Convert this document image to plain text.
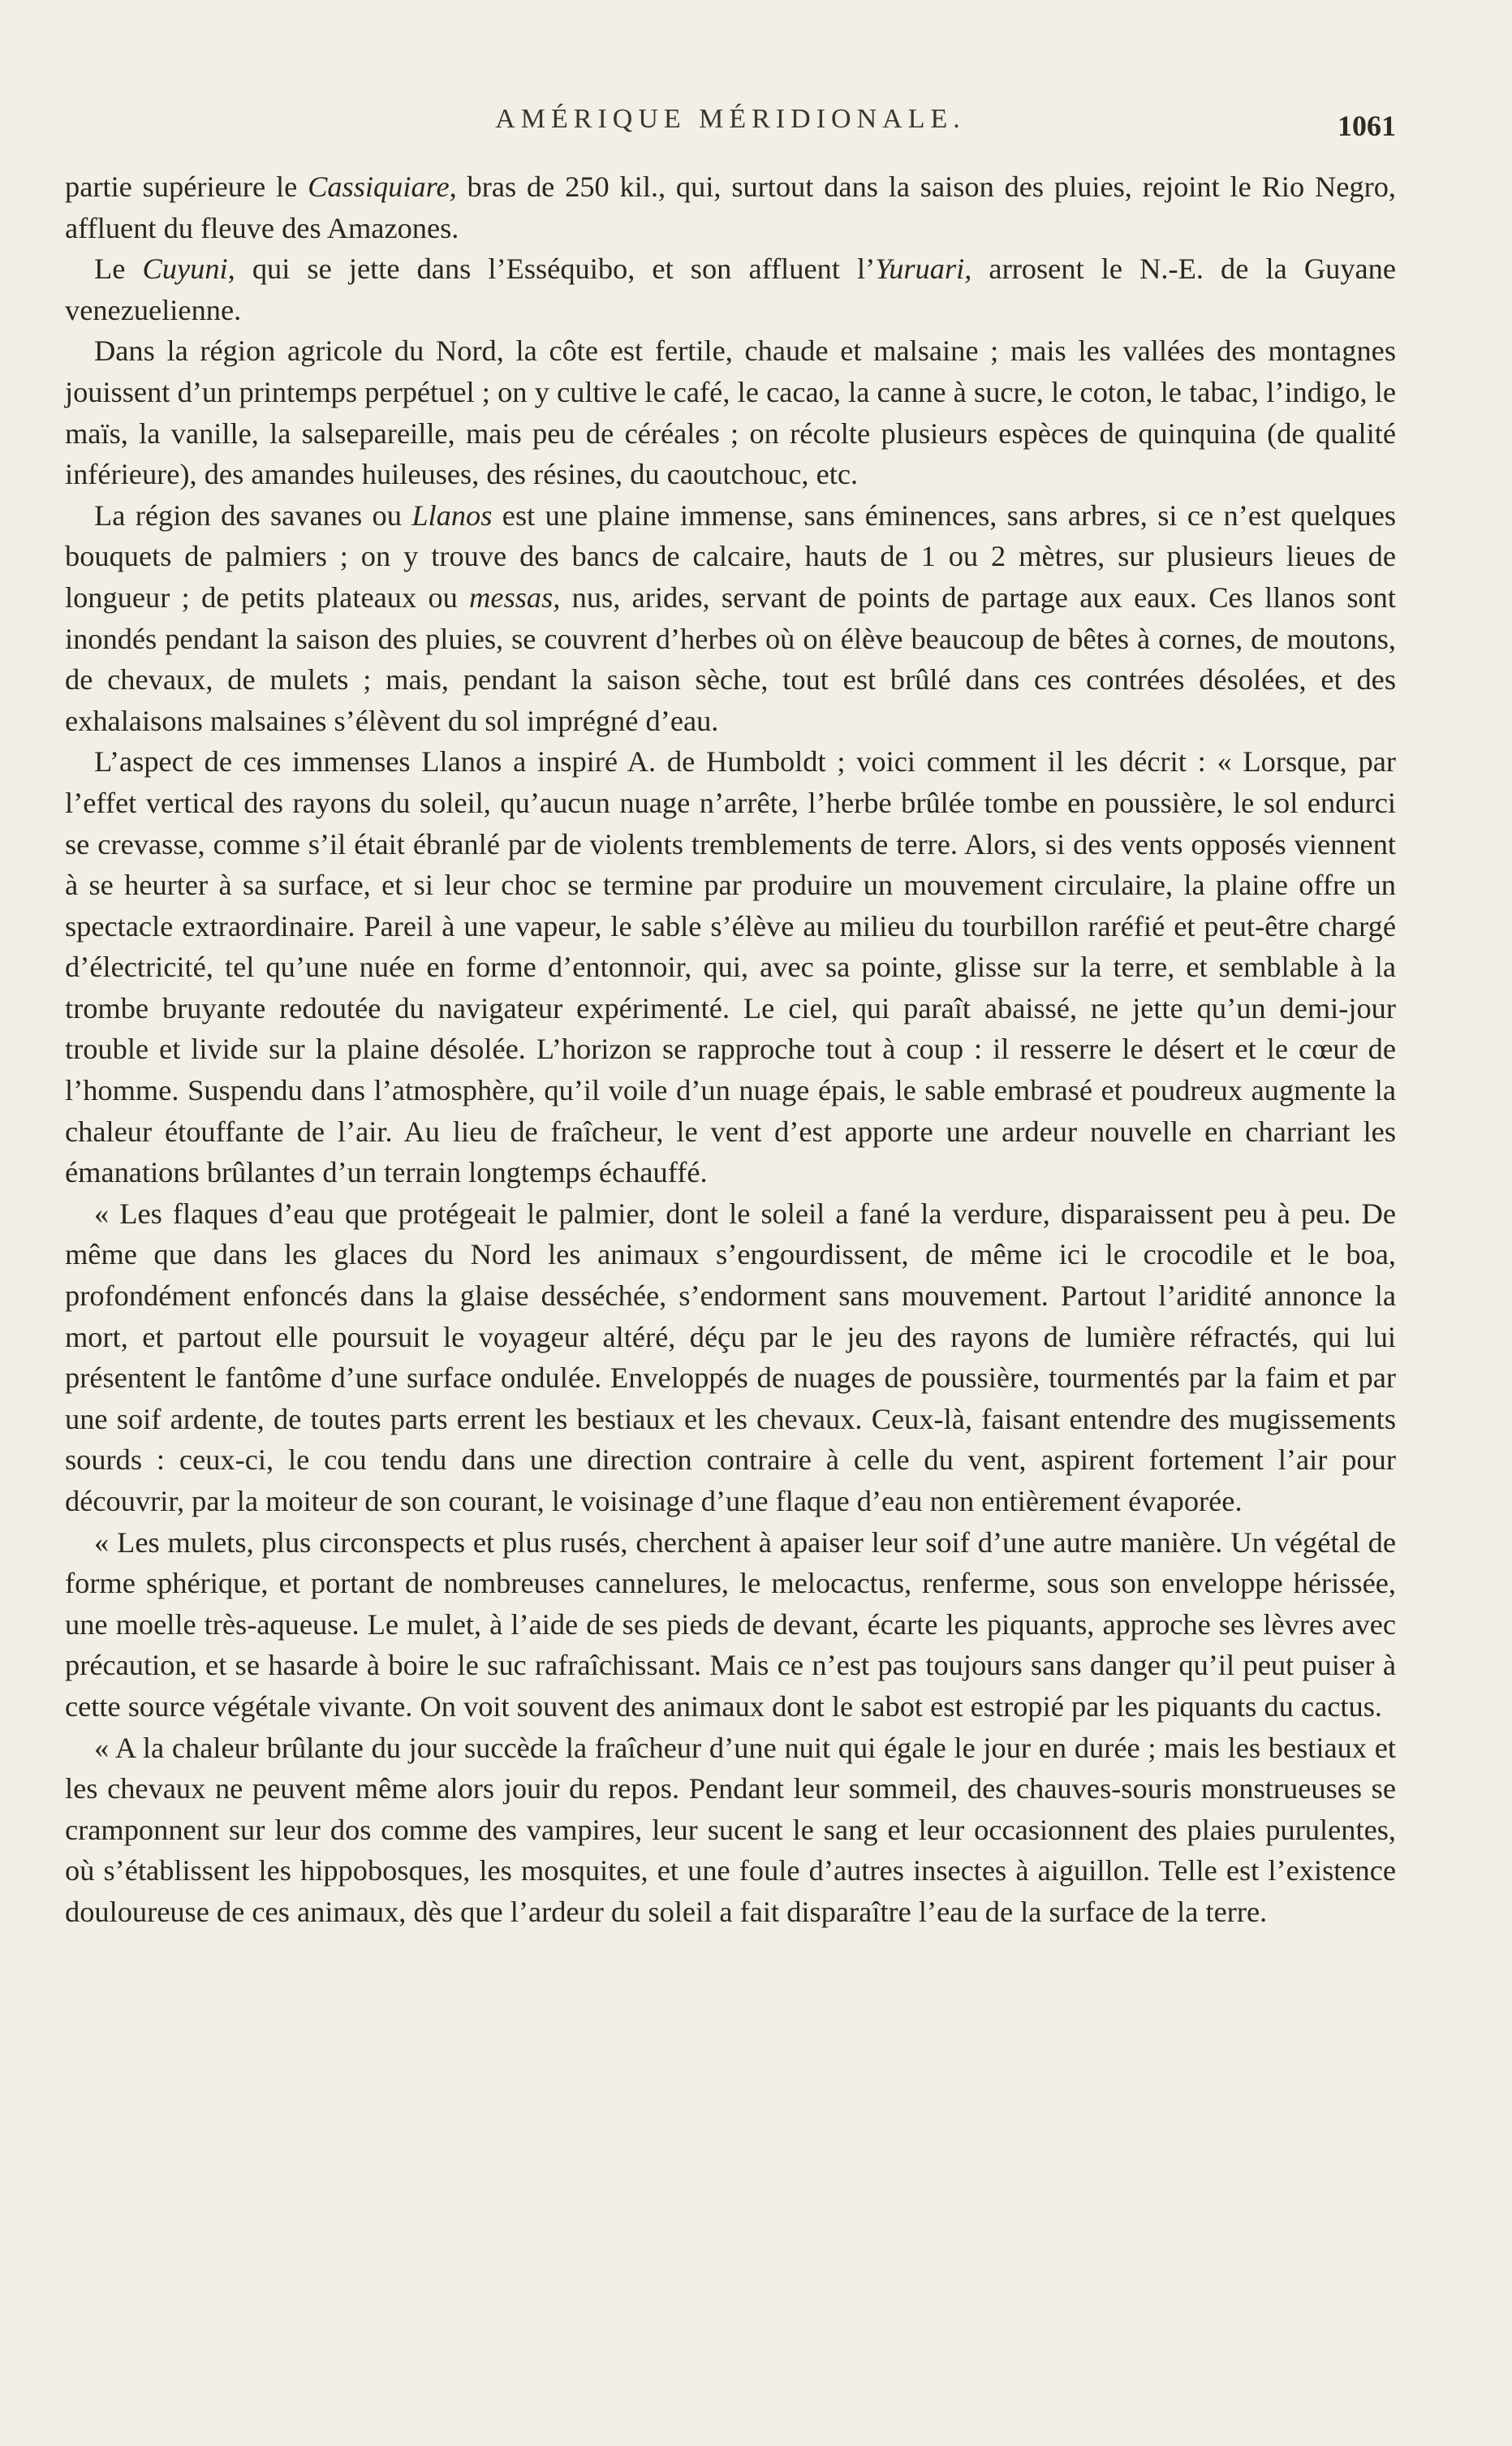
AMÉRIQUE MÉRIDIONALE.	1061

partie supérieure le Cassiquiare, bras de 250 kil., qui, surtout dans la saison des pluies, rejoint le Rio Negro, affluent du fleuve des Amazones.

Le Cuyuni, qui se jette dans l’Esséquibo, et son affluent l’Yuruari, arrosent le N.-E. de la Guyane venezuelienne.

Dans la région agricole du Nord, la côte est fertile, chaude et malsaine ; mais les vallées des montagnes jouissent d’un printemps perpétuel ; on y cultive le café, le cacao, la canne à sucre, le coton, le tabac, l’indigo, le maïs, la vanille, la salsepareille, mais peu de céréales ; on récolte plusieurs espèces de quinquina (de qualité inférieure), des amandes huileuses, des résines, du caoutchouc, etc.

La région des savanes ou Llanos est une plaine immense, sans éminences, sans arbres, si ce n’est quelques bouquets de palmiers ; on y trouve des bancs de calcaire, hauts de 1 ou 2 mètres, sur plusieurs lieues de longueur ; de petits plateaux ou messas, nus, arides, servant de points de partage aux eaux. Ces llanos sont inondés pendant la saison des pluies, se couvrent d’herbes où on élève beaucoup de bêtes à cornes, de moutons, de chevaux, de mulets ; mais, pendant la saison sèche, tout est brûlé dans ces contrées désolées, et des exhalaisons malsaines s’élèvent du sol imprégné d’eau.

L’aspect de ces immenses Llanos a inspiré A. de Humboldt ; voici comment il les décrit : « Lorsque, par l’effet vertical des rayons du soleil, qu’aucun nuage n’arrête, l’herbe brûlée tombe en poussière, le sol endurci se crevasse, comme s’il était ébranlé par de violents tremblements de terre. Alors, si des vents opposés viennent à se heurter à sa surface, et si leur choc se termine par produire un mouvement circulaire, la plaine offre un spectacle extraordinaire. Pareil à une vapeur, le sable s’élève au milieu du tourbillon raréfié et peut-être chargé d’électricité, tel qu’une nuée en forme d’entonnoir, qui, avec sa pointe, glisse sur la terre, et semblable à la trombe bruyante redoutée du navigateur expérimenté. Le ciel, qui paraît abaissé, ne jette qu’un demi-jour trouble et livide sur la plaine désolée. L’horizon se rapproche tout à coup : il resserre le désert et le cœur de l’homme. Suspendu dans l’atmosphère, qu’il voile d’un nuage épais, le sable embrasé et poudreux augmente la chaleur étouffante de l’air. Au lieu de fraîcheur, le vent d’est apporte une ardeur nouvelle en charriant les émanations brûlantes d’un terrain longtemps échauffé.

« Les flaques d’eau que protégeait le palmier, dont le soleil a fané la verdure, disparaissent peu à peu. De même que dans les glaces du Nord les animaux s’engourdissent, de même ici le crocodile et le boa, profondément enfoncés dans la glaise desséchée, s’endorment sans mouvement. Partout l’aridité annonce la mort, et partout elle poursuit le voyageur altéré, déçu par le jeu des rayons de lumière réfractés, qui lui présentent le fantôme d’une surface ondulée. Enveloppés de nuages de poussière, tourmentés par la faim et par une soif ardente, de toutes parts errent les bestiaux et les chevaux. Ceux-là, faisant entendre des mugissements sourds : ceux-ci, le cou tendu dans une direction contraire à celle du vent, aspirent fortement l’air pour découvrir, par la moiteur de son courant, le voisinage d’une flaque d’eau non entièrement évaporée.

« Les mulets, plus circonspects et plus rusés, cherchent à apaiser leur soif d’une autre manière. Un végétal de forme sphérique, et portant de nombreuses cannelures, le melocactus, renferme, sous son enveloppe hérissée, une moelle très-aqueuse. Le mulet, à l’aide de ses pieds de devant, écarte les piquants, approche ses lèvres avec précaution, et se hasarde à boire le suc rafraîchissant. Mais ce n’est pas toujours sans danger qu’il peut puiser à cette source végétale vivante. On voit souvent des animaux dont le sabot est estropié par les piquants du cactus.

« A la chaleur brûlante du jour succède la fraîcheur d’une nuit qui égale le jour en durée ; mais les bestiaux et les chevaux ne peuvent même alors jouir du repos. Pendant leur sommeil, des chauves-souris monstrueuses se cramponnent sur leur dos comme des vampires, leur sucent le sang et leur occasionnent des plaies purulentes, où s’établissent les hippobosques, les mosquites, et une foule d’autres insectes à aiguillon. Telle est l’existence douloureuse de ces animaux, dès que l’ardeur du soleil a fait disparaître l’eau de la surface de la terre.
